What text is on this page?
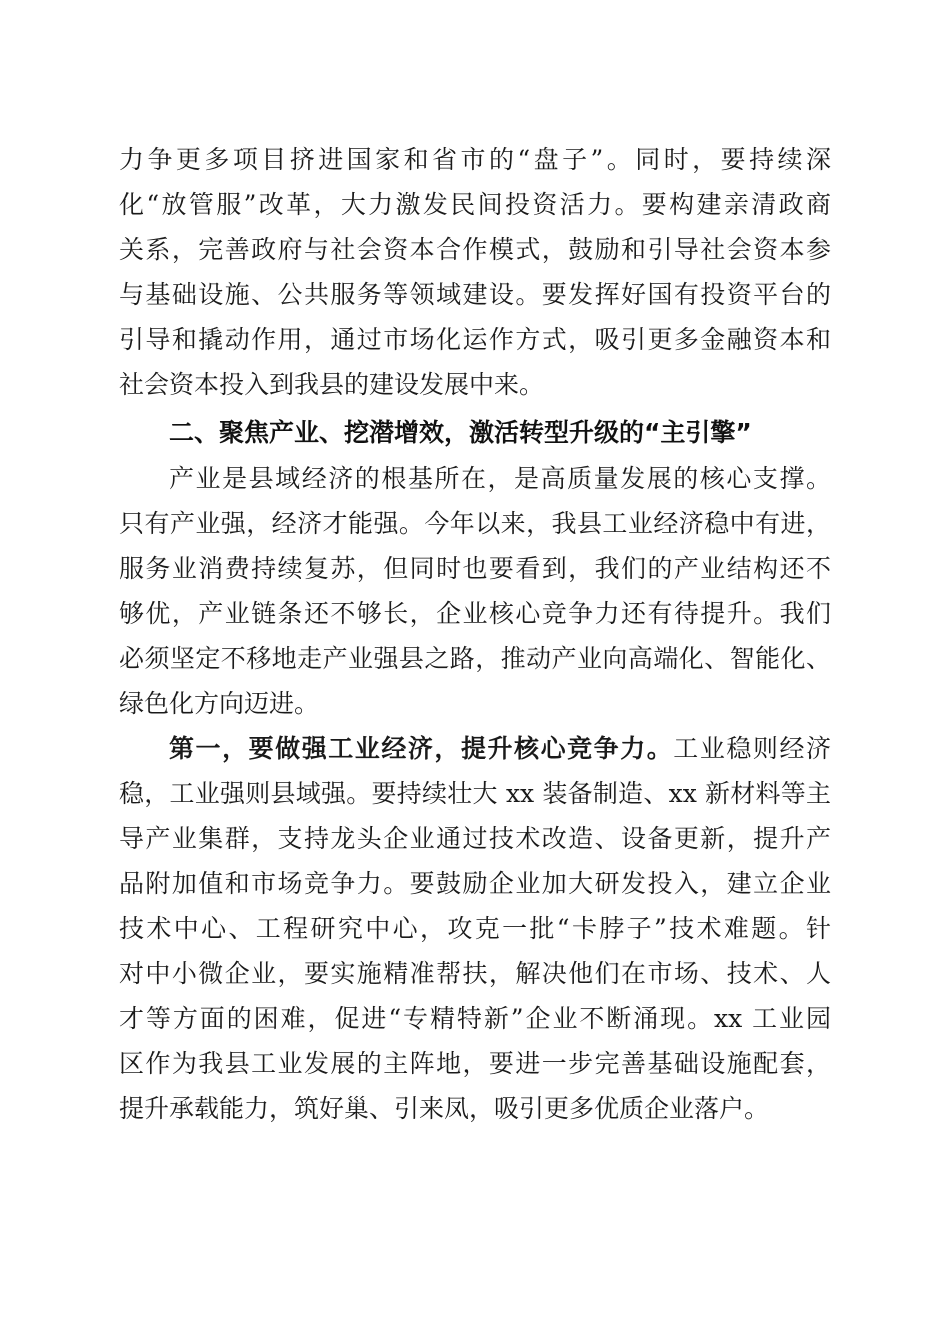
力争更多项目挤进国家和省市的“盘子”。同时，要持续深
化“放管服”改革，大力激发民间投资活力。要构建亲清政商
关系，完善政府与社会资本合作模式，鼓励和引导社会资本参
与基础设施、公共服务等领域建设。要发挥好国有投资平台的
引导和撬动作用，通过市场化运作方式，吸引更多金融资本和
社会资本投入到我县的建设发展中来。
二、聚焦产业、挖潜增效，激活转型升级的“主引擎”
产业是县域经济的根基所在，是高质量发展的核心支撑。
只有产业强，经济才能强。今年以来，我县工业经济稳中有进，
服务业消费持续复苏，但同时也要看到，我们的产业结构还不
够优，产业链条还不够长，企业核心竞争力还有待提升。我们
必须坚定不移地走产业强县之路，推动产业向高端化、智能化、
绿色化方向迈进。
第一，要做强工业经济，提升核心竞争力。工业稳则经济
稳，工业强则县域强。要持续壮大 xx 装备制造、xx 新材料等主
导产业集群，支持龙头企业通过技术改造、设备更新，提升产
品附加值和市场竞争力。要鼓励企业加大研发投入，建立企业
技术中心、工程研究中心，攻克一批“卡脖子”技术难题。针
对中小微企业，要实施精准帮扶，解决他们在市场、技术、人
才等方面的困难，促进“专精特新”企业不断涌现。xx 工业园
区作为我县工业发展的主阵地，要进一步完善基础设施配套，
提升承载能力，筑好巢、引来凤，吸引更多优质企业落户。
